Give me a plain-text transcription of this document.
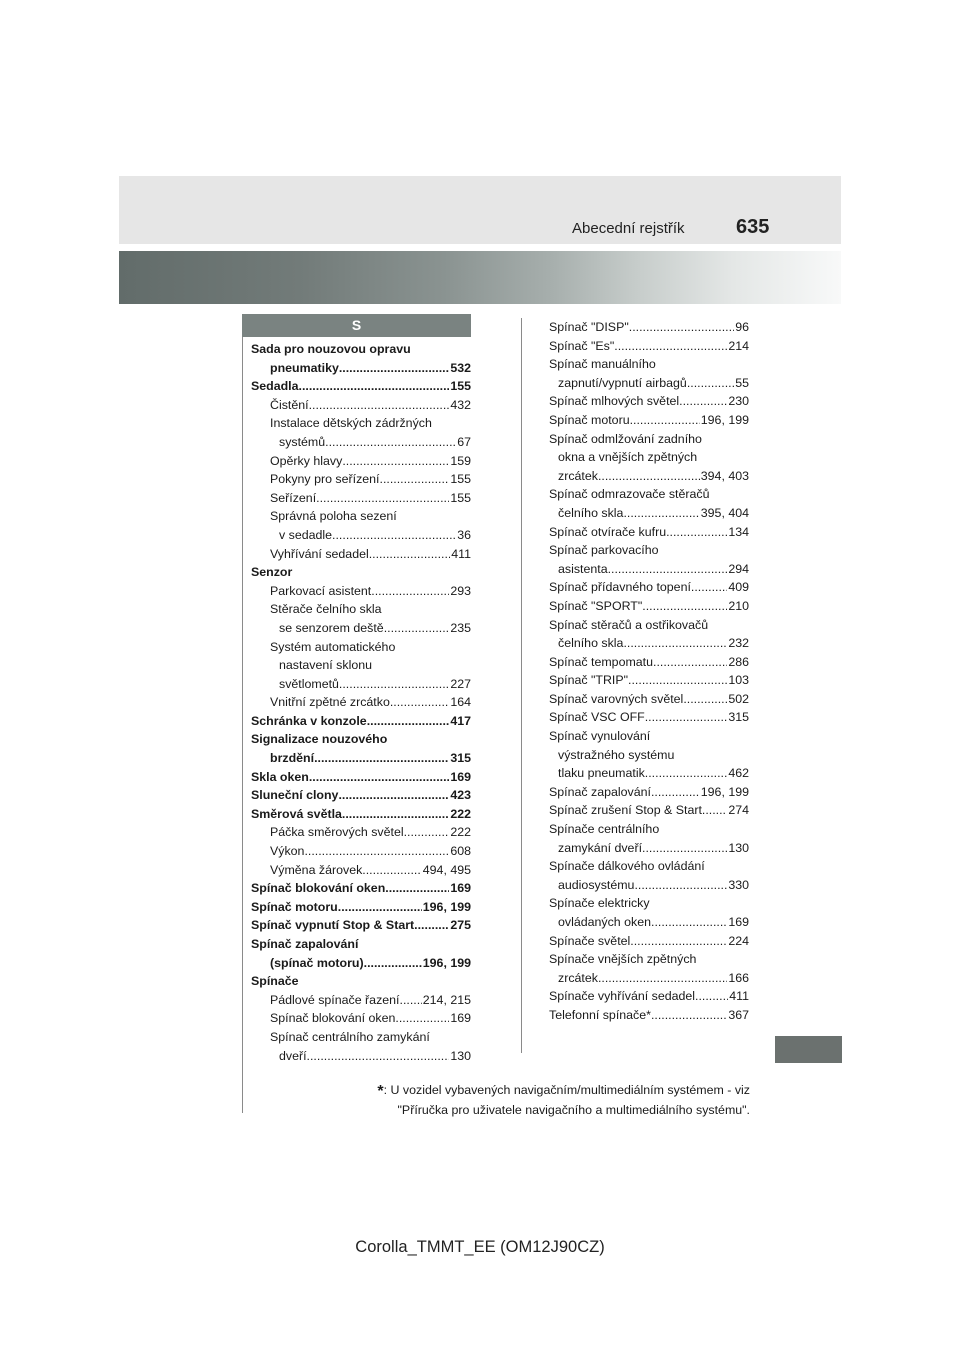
Abecední rejstřík	635
S
Sada pro nouzovou opravu
pneumatiky .....	532
Sedadla .....	155
Čistění .....	432
Instalace dětských zádržných
systémů .....	67
Opěrky hlavy .....	159
Pokyny pro seřízení .....	155
Seřízení .....	155
Správná poloha sezení
v sedadle .....	36
Vyhřívání sedadel .....	411
Senzor
Parkovací asistent .....	293
Stěrače čelního skla
se senzorem deště .....	235
Systém automatického
nastavení sklonu
světlometů .....	227
Vnitřní zpětné zrcátko .....	164
Schránka v konzole .....	417
Signalizace nouzového
brzdění .....	315
Skla oken .....	169
Sluneční clony .....	423
Směrová světla .....	222
Páčka směrových světel .....	222
Výkon .....	608
Výměna žárovek .....	494, 495
Spínač blokování oken .....	169
Spínač motoru .....	196, 199
Spínač vypnutí Stop & Start .....	275
Spínač zapalování
(spínač motoru) .....	196, 199
Spínače
Pádlové spínače řazení ..... 214, 215
Spínač blokování oken .....	169
Spínač centrálního zamykání
dveří .....	130
Spínač "DISP" .....	96
Spínač "Es" .....	214
Spínač manuálního
zapnutí/vypnutí airbagů .....	55
Spínač mlhových světel .....	230
Spínač motoru .....	196, 199
Spínač odmlžování zadního
okna a vnějších zpětných
zrcátek .....	394, 403
Spínač odmrazovače stěračů
čelního skla .....	395, 404
Spínač otvírače kufru .....	134
Spínač parkovacího
asistenta .....	294
Spínač přídavného topení .....	409
Spínač "SPORT" .....	210
Spínač stěračů a ostřikovačů
čelního skla .....	232
Spínač tempomatu .....	286
Spínač "TRIP" .....	103
Spínač varovných světel .....	502
Spínač VSC OFF .....	315
Spínač vynulování
výstražného systému
tlaku pneumatik .....	462
Spínač zapalování .....	196, 199
Spínač zrušení Stop & Start ..... 274
Spínače centrálního
zamykání dveří .....	130
Spínače dálkového ovládání
audiosystému .....	330
Spínače elektricky
ovládaných oken .....	169
Spínače světel .....	224
Spínače vnějších zpětných
zrcátek .....	166
Spínače vyhřívání sedadel .....	411
Telefonní spínače* .....	367
*: U vozidel vybavených navigačním/multimediálním systémem - viz
"Příručka pro uživatele navigačního a multimediálního systému".
Corolla_TMMT_EE (OM12J90CZ)
